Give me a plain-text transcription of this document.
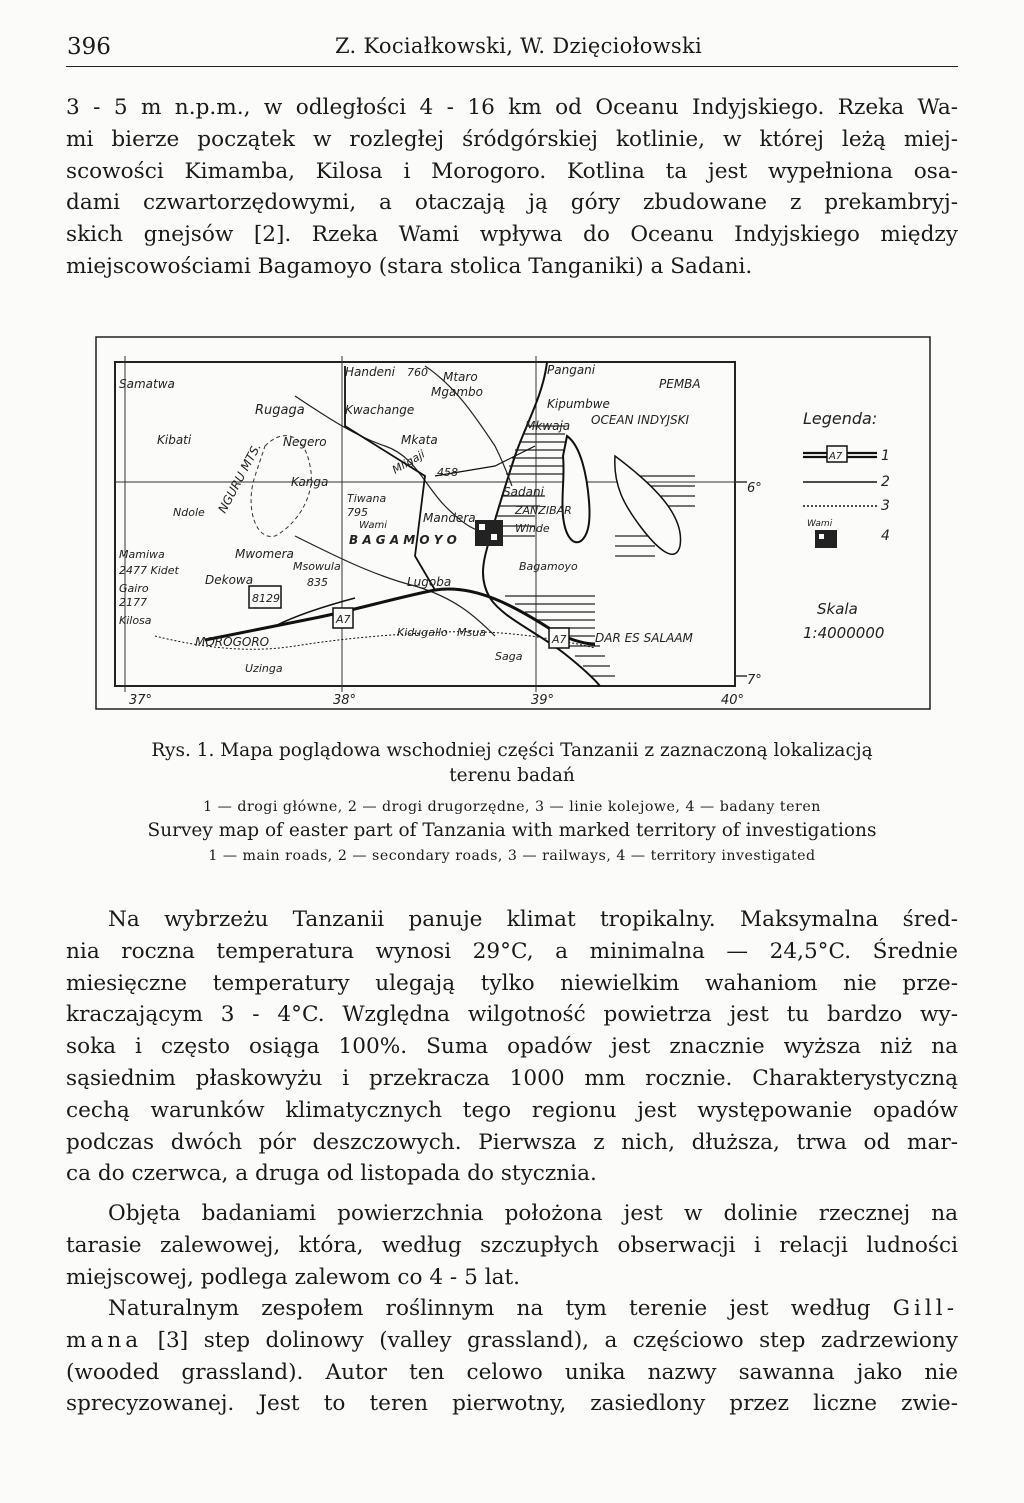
396	Z. Kociałkowski, W. Dzięciołowski
3 - 5 m n.p.m., w odległości 4 - 16 km od Oceanu Indyjskiego. Rzeka Wa-
mi bierze początek w rozległej śródgórskiej kotlinie, w której leżą miej-
scowości Kimamba, Kilosa i Morogoro. Kotlina ta jest wypełniona osa-
dami czwartorzędowymi, a otaczają ją góry zbudowane z prekambryj-
skich gnejsów [2]. Rzeka Wami wpływa do Oceanu Indyjskiego między
miejscowościami Bagamoyo (stara stolica Tanganiki) a Sadani.
A7
A7
8129
Samatwa
Kibati
Ndole
Mamiwa
2477 Kidet
Gairo
2177
Kilosa
Rugaga
NGURU MTS. Negero
Kanga
Mwomera
Dekowa
Msowula
835
MOROGORO
Uzinga
Handeni 760 Mtaro
Mgambo
Kwachange
Mkata
Mligaji 458
Tiwana
795
Wami
Mandera
B A G A M O Y O
Lugoba
Kidugallo Msua
Saga
Pangani
Kipumbwe
Mkwaja
Sadani
ZANZIBAR
Winde
Bagamoyo
PEMBA
OCEAN INDYJSKI
DAR ES SALAAM
37°	38°	39°	40°
6°
7°
Legenda:
A7	1
2
3
Wami
4
Skala
1:4000000

Rys. 1. Mapa poglądowa wschodniej części Tanzanii z zaznaczoną lokalizacją

terenu badań

1 — drogi główne, 2 — drogi drugorzędne, 3 — linie kolejowe, 4 — badany teren

Survey map of easter part of Tanzania with marked territory of investigations

1 — main roads, 2 — secondary roads, 3 — railways, 4 — territory investigated

Na wybrzeżu Tanzanii panuje klimat tropikalny. Maksymalna śred-
nia roczna temperatura wynosi 29°C, a minimalna — 24,5°C. Średnie
miesięczne temperatury ulegają tylko niewielkim wahaniom nie prze-
kraczającym 3 - 4°C. Względna wilgotność powietrza jest tu bardzo wy-
soka i często osiąga 100%. Suma opadów jest znacznie wyższa niż na
sąsiednim płaskowyżu i przekracza 1000 mm rocznie. Charakterystyczną
cechą warunków klimatycznych tego regionu jest występowanie opadów
podczas dwóch pór deszczowych. Pierwsza z nich, dłuższa, trwa od mar-
ca do czerwca, a druga od listopada do stycznia.
Objęta badaniami powierzchnia położona jest w dolinie rzecznej na
tarasie zalewowej, która, według szczupłych obserwacji i relacji ludności
miejscowej, podlega zalewom co 4 - 5 lat.
Naturalnym zespołem roślinnym na tym terenie jest według Gill-
mana [3] step dolinowy (valley grassland), a częściowo step zadrzewiony
(wooded grassland). Autor ten celowo unika nazwy sawanna jako nie
sprecyzowanej. Jest to teren pierwotny, zasiedlony przez liczne zwie-
